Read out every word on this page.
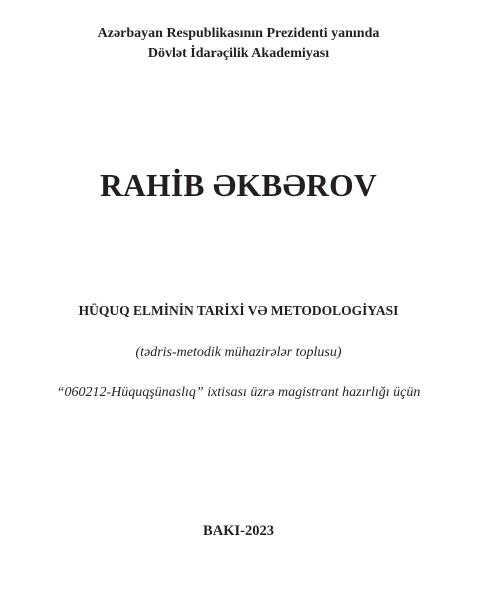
Azərbayan Respublikasının Prezidenti yanında
Dövlət İdarəçilik Akademiyası
RAHİB ƏKBƏROV
HÜQUQ ELMİNİN TARİXİ VƏ METODOLOGİYASI
(tədris-metodik mühazirələr toplusu)
“060212-Hüquqşünaslıq” ixtisası üzrə magistrant hazırlığı üçün
BAKI-2023
